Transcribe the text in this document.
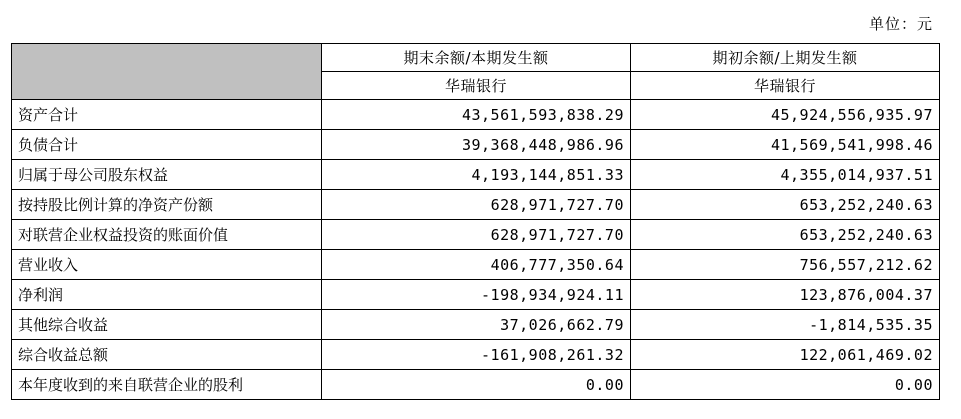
单位：元
	期末余额/本期发生额	期初余额/上期发生额
	华瑞银行	华瑞银行
资产合计	43,561,593,838.29	45,924,556,935.97
负债合计	39,368,448,986.96	41,569,541,998.46
归属于母公司股东权益	4,193,144,851.33	4,355,014,937.51
按持股比例计算的净资产份额	628,971,727.70	653,252,240.63
对联营企业权益投资的账面价值	628,971,727.70	653,252,240.63
营业收入	406,777,350.64	756,557,212.62
净利润	-198,934,924.11	123,876,004.37
其他综合收益	37,026,662.79	-1,814,535.35
综合收益总额	-161,908,261.32	122,061,469.02
本年度收到的来自联营企业的股利	0.00	0.00
